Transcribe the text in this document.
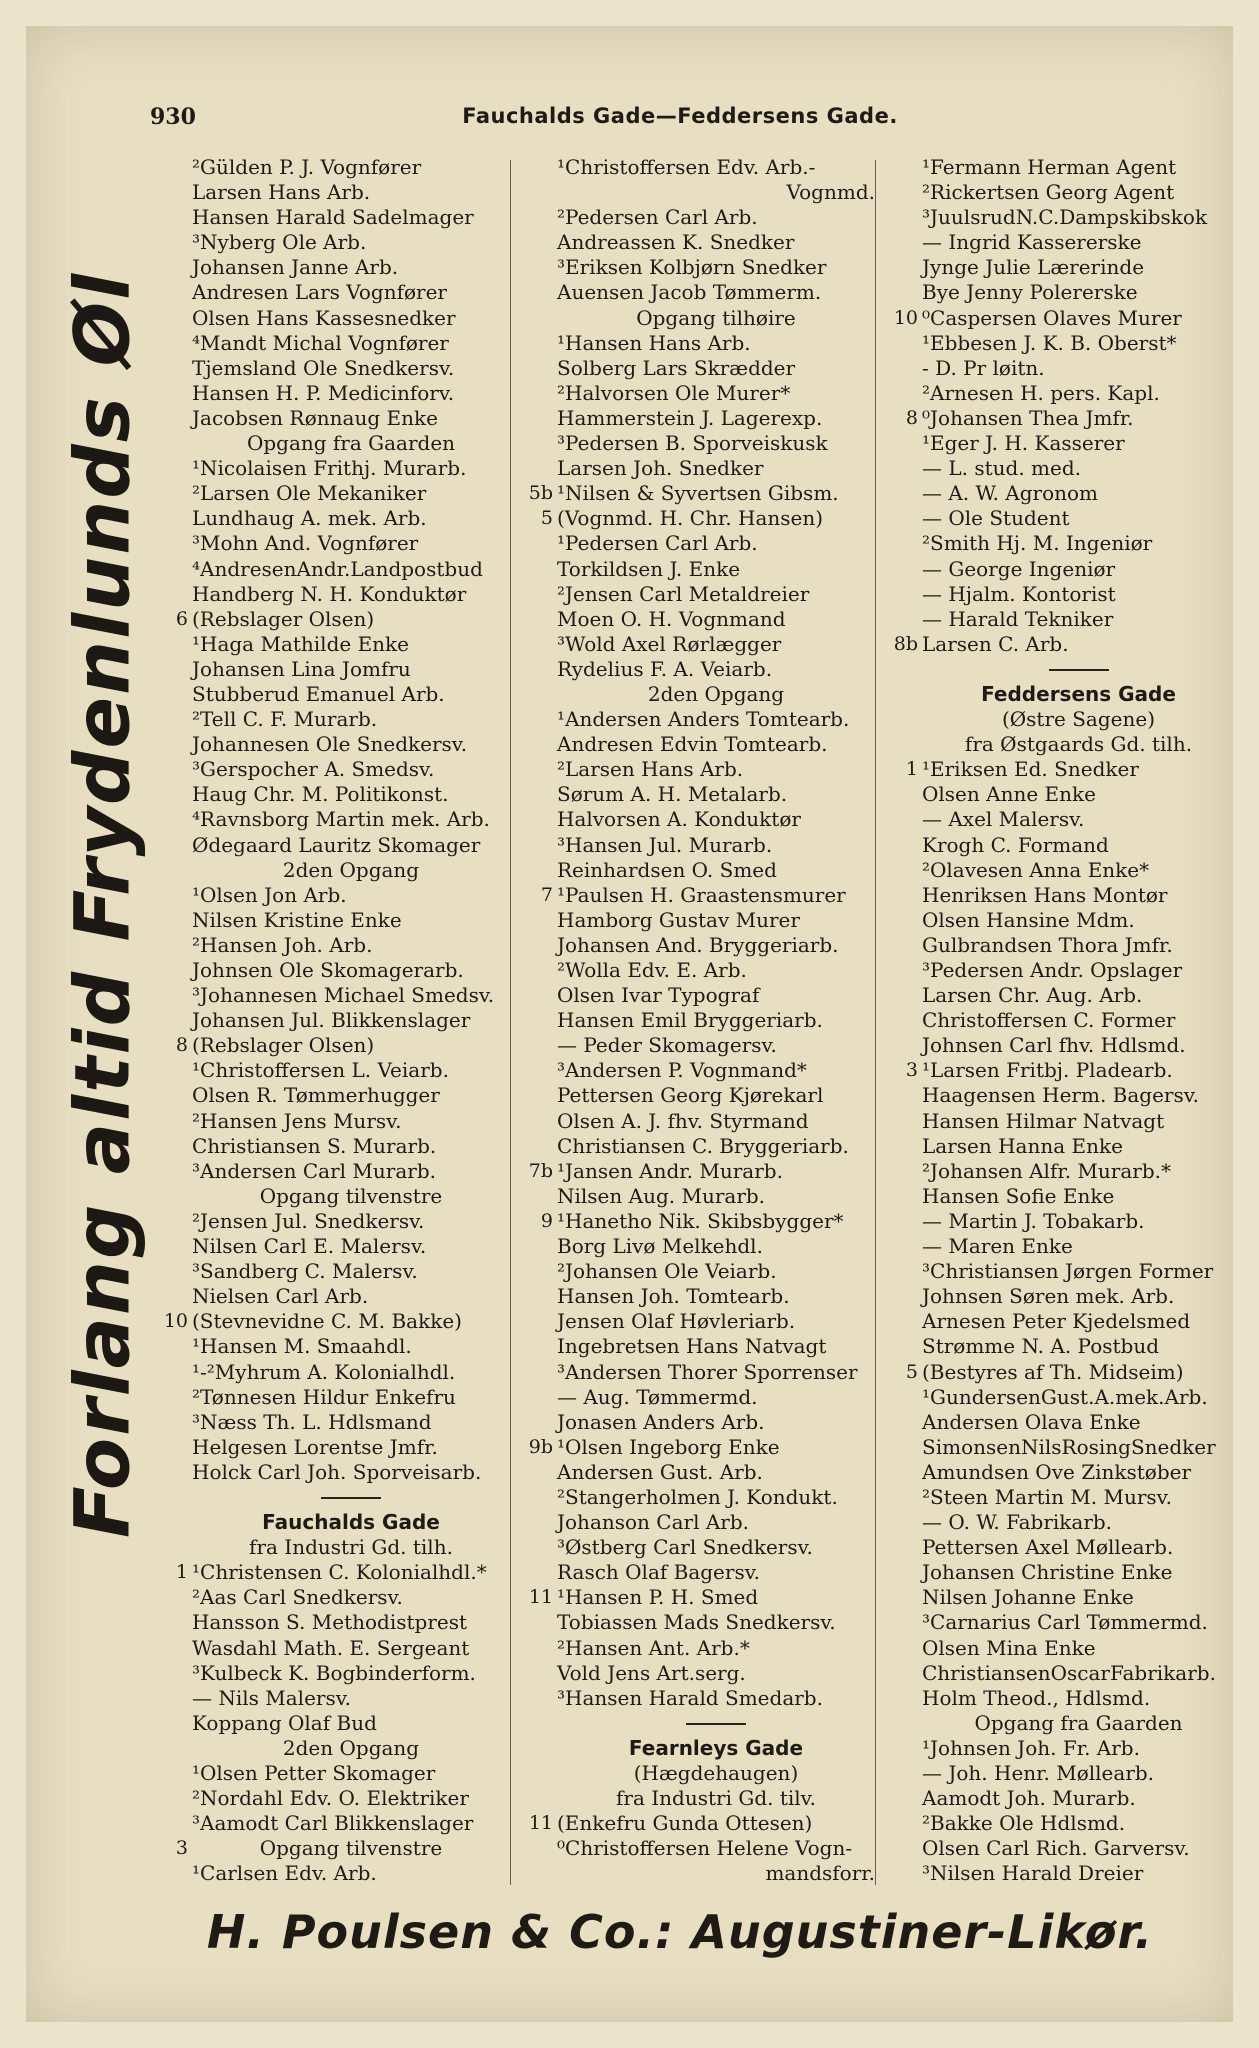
930	Fauchalds Gade—Feddersens Gade.
Forlang altid Frydenlunds Øl
²Gülden P. J. Vognfører
Larsen Hans Arb.
Hansen Harald Sadelmager
³Nyberg Ole Arb.
Johansen Janne Arb.
Andresen Lars Vognfører
Olsen Hans Kassesnedker
⁴Mandt Michal Vognfører
Tjemsland Ole Snedkersv.
Hansen H. P. Medicinforv.
Jacobsen Rønnaug Enke
Opgang fra Gaarden
¹Nicolaisen Frithj. Murarb.
²Larsen Ole Mekaniker
Lundhaug A. mek. Arb.
³Mohn And. Vognfører
⁴AndresenAndr.Landpostbud
Handberg N. H. Konduktør
6 (Rebslager Olsen)
¹Haga Mathilde Enke
Johansen Lina Jomfru
Stubberud Emanuel Arb.
²Tell C. F. Murarb.
Johannesen Ole Snedkersv.
³Gerspocher A. Smedsv.
Haug Chr. M. Politikonst.
⁴Ravnsborg Martin mek. Arb.
Ødegaard Lauritz Skomager
2den Opgang
¹Olsen Jon Arb.
Nilsen Kristine Enke
²Hansen Joh. Arb.
Johnsen Ole Skomagerarb.
³Johannesen Michael Smedsv.
Johansen Jul. Blikkenslager
8 (Rebslager Olsen)
¹Christoffersen L. Veiarb.
Olsen R. Tømmerhugger
²Hansen Jens Mursv.
Christiansen S. Murarb.
³Andersen Carl Murarb.
Opgang tilvenstre
²Jensen Jul. Snedkersv.
Nilsen Carl E. Malersv.
³Sandberg C. Malersv.
Nielsen Carl Arb.
10 (Stevnevidne C. M. Bakke)
¹Hansen M. Smaahdl.
¹-²Myhrum A. Kolonialhdl.
²Tønnesen Hildur Enkefru
³Næss Th. L. Hdlsmand
Helgesen Lorentse Jmfr.
Holck Carl Joh. Sporveisarb.
Fauchalds Gade
fra Industri Gd. tilh.
1 ¹Christensen C. Kolonialhdl.*
²Aas Carl Snedkersv.
Hansson S. Methodistprest
Wasdahl Math. E. Sergeant
³Kulbeck K. Bogbinderform.
— Nils Malersv.
Koppang Olaf Bud
2den Opgang
¹Olsen Petter Skomager
²Nordahl Edv. O. Elektriker
³Aamodt Carl Blikkenslager
3	Opgang tilvenstre
¹Carlsen Edv. Arb.
¹Christoffersen Edv. Arb.-
Vognmd.
²Pedersen Carl Arb.
Andreassen K. Snedker
³Eriksen Kolbjørn Snedker
Auensen Jacob Tømmerm.
Opgang tilhøire
¹Hansen Hans Arb.
Solberg Lars Skrædder
²Halvorsen Ole Murer*
Hammerstein J. Lagerexp.
³Pedersen B. Sporveiskusk
Larsen Joh. Snedker
5b ¹Nilsen & Syvertsen Gibsm.
5 (Vognmd. H. Chr. Hansen)
¹Pedersen Carl Arb.
Torkildsen J. Enke
²Jensen Carl Metaldreier
Moen O. H. Vognmand
³Wold Axel Rørlægger
Rydelius F. A. Veiarb.
2den Opgang
¹Andersen Anders Tomtearb.
Andresen Edvin Tomtearb.
²Larsen Hans Arb.
Sørum A. H. Metalarb.
Halvorsen A. Konduktør
³Hansen Jul. Murarb.
Reinhardsen O. Smed
7 ¹Paulsen H. Graastensmurer
Hamborg Gustav Murer
Johansen And. Bryggeriarb.
²Wolla Edv. E. Arb.
Olsen Ivar Typograf
Hansen Emil Bryggeriarb.
— Peder Skomagersv.
³Andersen P. Vognmand*
Pettersen Georg Kjørekarl
Olsen A. J. fhv. Styrmand
Christiansen C. Bryggeriarb.
7b ¹Jansen Andr. Murarb.
Nilsen Aug. Murarb.
9 ¹Hanetho Nik. Skibsbygger*
Borg Livø Melkehdl.
²Johansen Ole Veiarb.
Hansen Joh. Tomtearb.
Jensen Olaf Høvleriarb.
Ingebretsen Hans Natvagt
³Andersen Thorer Sporrenser
— Aug. Tømmermd.
Jonasen Anders Arb.
9b ¹Olsen Ingeborg Enke
Andersen Gust. Arb.
²Stangerholmen J. Kondukt.
Johanson Carl Arb.
³Østberg Carl Snedkersv.
Rasch Olaf Bagersv.
11 ¹Hansen P. H. Smed
Tobiassen Mads Snedkersv.
²Hansen Ant. Arb.*
Vold Jens Art.serg.
³Hansen Harald Smedarb.
Fearnleys Gade
(Hægdehaugen)
fra Industri Gd. tilv.
11 (Enkefru Gunda Ottesen)
⁰Christoffersen Helene Vogn-
mandsforr.
¹Fermann Herman Agent
²Rickertsen Georg Agent
³JuulsrudN.C.Dampskibskok
— Ingrid Kassererske
Jynge Julie Lærerinde
Bye Jenny Polererske
10 ⁰Caspersen Olaves Murer
¹Ebbesen J. K. B. Oberst*
- D. Pr løitn.
²Arnesen H. pers. Kapl.
8 ⁰Johansen Thea Jmfr.
¹Eger J. H. Kasserer
— L. stud. med.
— A. W. Agronom
— Ole Student
²Smith Hj. M. Ingeniør
— George Ingeniør
— Hjalm. Kontorist
— Harald Tekniker
8b Larsen C. Arb.
Feddersens Gade
(Østre Sagene)
fra Østgaards Gd. tilh.
1 ¹Eriksen Ed. Snedker
Olsen Anne Enke
— Axel Malersv.
Krogh C. Formand
²Olavesen Anna Enke*
Henriksen Hans Montør
Olsen Hansine Mdm.
Gulbrandsen Thora Jmfr.
³Pedersen Andr. Opslager
Larsen Chr. Aug. Arb.
Christoffersen C. Former
Johnsen Carl fhv. Hdlsmd.
3 ¹Larsen Fritbj. Pladearb.
Haagensen Herm. Bagersv.
Hansen Hilmar Natvagt
Larsen Hanna Enke
²Johansen Alfr. Murarb.*
Hansen Sofie Enke
— Martin J. Tobakarb.
— Maren Enke
³Christiansen Jørgen Former
Johnsen Søren mek. Arb.
Arnesen Peter Kjedelsmed
Strømme N. A. Postbud
5 (Bestyres af Th. Midseim)
¹GundersenGust.A.mek.Arb.
Andersen Olava Enke
SimonsenNilsRosingSnedker
Amundsen Ove Zinkstøber
²Steen Martin M. Mursv.
— O. W. Fabrikarb.
Pettersen Axel Møllearb.
Johansen Christine Enke
Nilsen Johanne Enke
³Carnarius Carl Tømmermd.
Olsen Mina Enke
ChristiansenOscarFabrikarb.
Holm Theod., Hdlsmd.
Opgang fra Gaarden
¹Johnsen Joh. Fr. Arb.
— Joh. Henr. Møllearb.
Aamodt Joh. Murarb.
²Bakke Ole Hdlsmd.
Olsen Carl Rich. Garversv.
³Nilsen Harald Dreier
H. Poulsen & Co.: Augustiner-Likør.
